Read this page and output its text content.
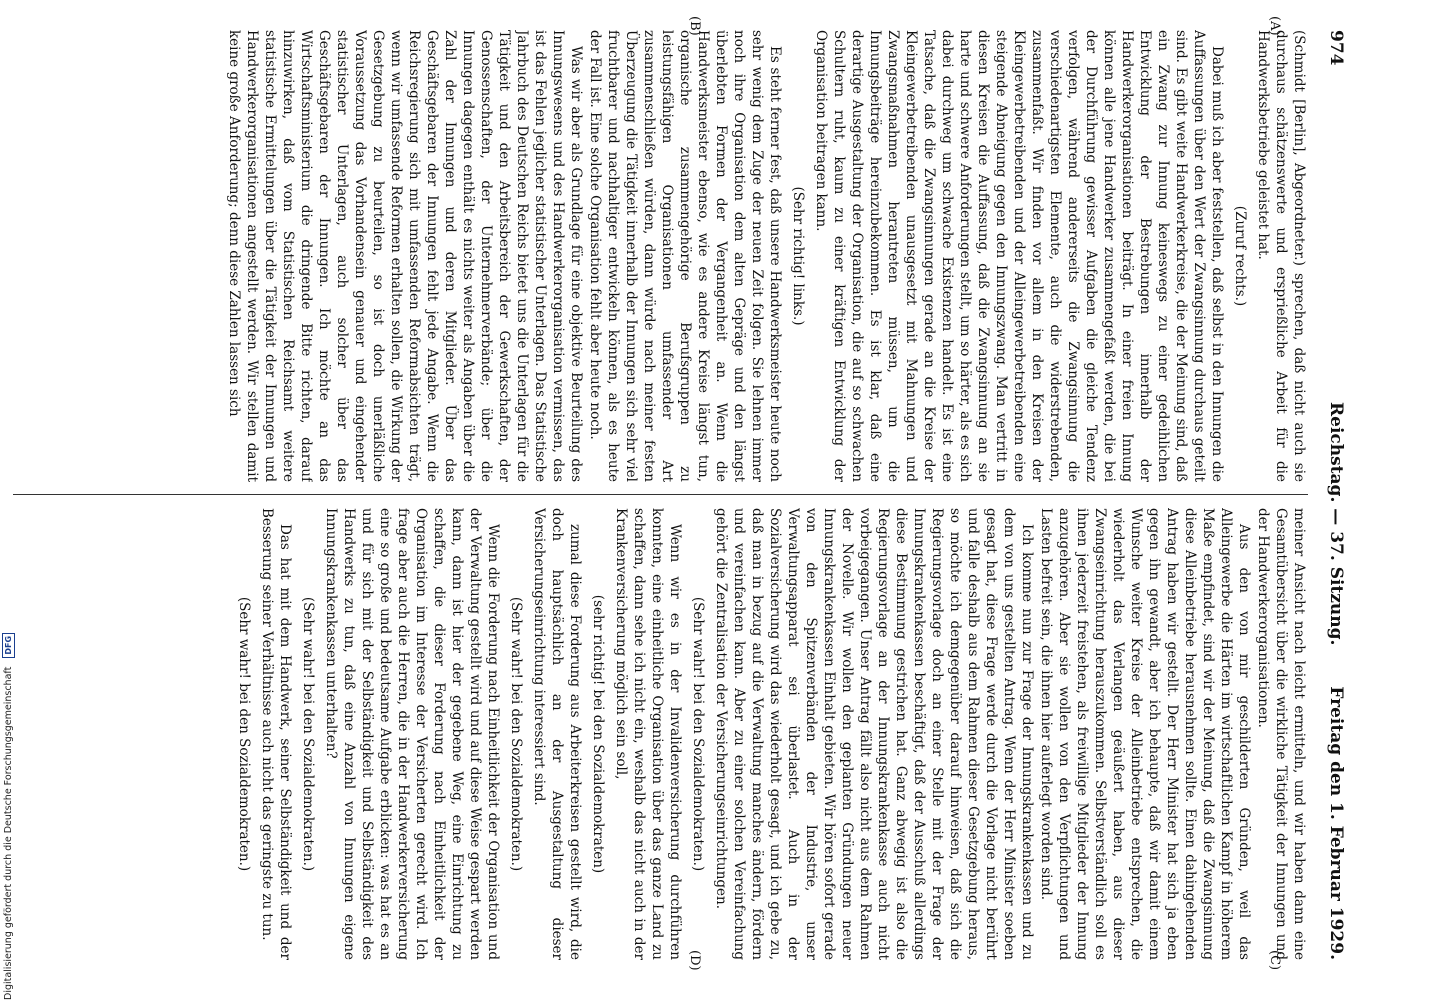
974
Reichstag. — 37. Sitzung.
Freitag den 1. Februar 1929.
(A)
(B)
(C)
(D)

(Schmidt [Berlin], Abgeordneter.) sprechen, daß nicht auch sie durchaus schätzenswerte und ersprießliche Arbeit für die Handwerksbetriebe geleistet hat.

(Zuruf rechts.)

Dabei muß ich aber feststellen, daß selbst in den Innungen die Auffassungen über den Wert der Zwangsinnung durchaus geteilt sind. Es gibt weite Handwerkerkreise, die der Meinung sind, daß ein Zwang zur Innung keineswegs zu einer gedeihlichen Entwicklung der Bestrebungen innerhalb der Handwerkerorganisationen beiträgt. In einer freien Innung können alle jene Handwerker zusammengefaßt werden, die bei der Durchführung gewisser Aufgaben die gleiche Tendenz verfolgen, während andererseits die Zwangsinnung die verschiedenartigsten Elemente, auch die widerstrebenden, zusammenfaßt. Wir finden vor allem in den Kreisen der Kleingewerbetreibenden und der Alleingewerbetreibenden eine steigende Abneigung gegen den Innungszwang. Man vertritt in diesen Kreisen die Auffassung, daß die Zwangsinnung an sie harte und schwere Anforderungen stellt, um so härter, als es sich dabei durchweg um schwache Existenzen handelt. Es ist eine Tatsache, daß die Zwangsinnungen gerade an die Kreise der Kleingewerbetreibenden unausgesetzt mit Mahnungen und Zwangsmaßnahmen herantreten müssen, um die Innungsbeiträge hereinzubekommen. Es ist klar, daß eine derartige Ausgestaltung der Organisation, die auf so schwachen Schultern ruht, kaum zu einer kräftigen Entwicklung der Organisation beitragen kann.

(Sehr richtig! links.)

Es steht ferner fest, daß unsere Handwerksmeister heute noch sehr wenig dem Zuge der neuen Zeit folgen. Sie lehnen immer noch ihre Organisation dem alten Gepräge und den längst überlebten Formen der Vergangenheit an. Wenn die Handwerksmeister ebenso, wie es andere Kreise längst tun, organische zusammengehörige Berufsgruppen zu leistungsfähigen Organisationen umfassender Art zusammenschließen würden, dann würde nach meiner festen Überzeugung die Tätigkeit innerhalb der Innungen sich sehr viel fruchtbarer und nachhaltiger entwickeln können, als es heute der Fall ist. Eine solche Organisation fehlt aber heute noch.

Was wir aber als Grundlage für eine objektive Beurteilung des Innungswesens und des Handwerkerorganisation vermissen, das ist das Fehlen jeglicher statistischer Unterlagen. Das Statistische Jahrbuch des Deutschen Reichs bietet uns die Unterlagen für die Tätigkeit und den Arbeitsbereich der Gewerkschaften, der Genossenschaften, der Unternehmerverbände; über die Innungen dagegen enthält es nichts weiter als Angaben über die Zahl der Innungen und deren Mitglieder. Über das Geschäftsgebaren der Innungen fehlt jede Angabe. Wenn die Reichsregierung sich mit umfassenden Reformabsichten trägt, wenn wir umfassende Reformen erhalten sollen, die Wirkung der Gesetzgebung zu beurteilen, so ist doch unerläßliche Voraussetzung das Vorhandensein genauer und eingehender statistischer Unterlagen, auch solcher über das Geschäftsgebaren der Innungen. Ich möchte an das Wirtschaftsministerium die dringende Bitte richten, darauf hinzuwirken, daß vom Statistischen Reichsamt weitere statistische Ermittelungen über die Tätigkeit der Innungen und Handwerkerorganisationen angestellt werden. Wir stellen damit keine große Anforderung; denn diese Zahlen lassen sich

meiner Ansicht nach leicht ermitteln, und wir haben dann eine Gesamtübersicht über die wirkliche Tätigkeit der Innungen und der Handwerkerorganisationen.

Aus den von mir geschilderten Gründen, weil das Alleingewerbe die Härten im wirtschaftlichen Kampf in höherem Maße empfindet, sind wir der Meinung, daß die Zwangsinnung diese Alleinbetriebe herausnehmen sollte. Einen dahingehenden Antrag haben wir gestellt. Der Herr Minister hat sich ja eben gegen ihn gewandt, aber ich behaupte, daß wir damit einem Wunsche weiter Kreise der Alleinbetriebe entsprechen, die wiederholt das Verlangen geäußert haben, aus dieser Zwangseinrichtung herauszukommen. Selbstverständlich soll es ihnen jederzeit freistehen, als freiwillige Mitglieder der Innung anzugehören. Aber sie wollen von den Verpflichtungen und Lasten befreit sein, die ihnen hier auferlegt worden sind.

Ich komme nun zur Frage der Innungskrankenkassen und zu dem von uns gestellten Antrag. Wenn der Herr Minister soeben gesagt hat, diese Frage werde durch die Vorlage nicht berührt und falle deshalb aus dem Rahmen dieser Gesetzgebung heraus, so möchte ich demgegenüber darauf hinweisen, daß sich die Regierungsvorlage doch an einer Stelle mit der Frage der Innungskrankenkassen beschäftigt, daß der Ausschuß allerdings diese Bestimmung gestrichen hat. Ganz abwegig ist also die Regierungsvorlage an der Innungskrankenkasse auch nicht vorbeigegangen. Unser Antrag fällt also nicht aus dem Rahmen der Novelle. Wir wollen den geplanten Gründungen neuer Innungskrankenkassen Einhalt gebieten. Wir hören sofort gerade von den Spitzenverbänden der Industrie, unser Verwaltungsapparat sei überlastet. Auch in der Sozialversicherung wird das wiederholt gesagt, und ich gebe zu, daß man in bezug auf die Verwaltung manches ändern, fördern und vereinfachen kann. Aber zu einer solchen Vereinfachung gehört die Zentralisation der Versicherungseinrichtungen.

(Sehr wahr! bei den Sozialdemokraten.)

Wenn wir es in der Invalidenversicherung durchführen konnten, eine einheitliche Organisation über das ganze Land zu schaffen, dann sehe ich nicht ein, weshalb das nicht auch in der Krankenversicherung möglich sein soll,

(sehr richtig! bei den Sozialdemokraten)

zumal diese Forderung aus Arbeiterkreisen gestellt wird, die doch hauptsächlich an der Ausgestaltung dieser Versicherungseinrichtung interessiert sind.

(Sehr wahr! bei den Sozialdemokraten.)

Wenn die Forderung nach Einheitlichkeit der Organisation und der Verwaltung gestellt wird und auf diese Weise gespart werden kann, dann ist hier der gegebene Weg, eine Einrichtung zu schaffen, die dieser Forderung nach Einheitlichkeit der Organisation im Interesse der Versicherten gerecht wird. Ich frage aber auch die Herren, die in der Handwerkerversicherung eine so große und bedeutsame Aufgabe erblicken: was hat es an und für sich mit der Selbständigkeit und Selbständigkeit des Handwerks zu tun, daß eine Anzahl von Innungen eigene Innungskrankenkassen unterhalten?

(Sehr wahr! bei den Sozialdemokraten.)

Das hat mit dem Handwerk, seiner Selbständigkeit und der Besserung seiner Verhältnisse auch nicht das geringste zu tun.

(Sehr wahr! bei den Sozialdemokraten.)

Digitalisierung gefördert durch die Deutsche Forschungsgemeinschaft DFG
